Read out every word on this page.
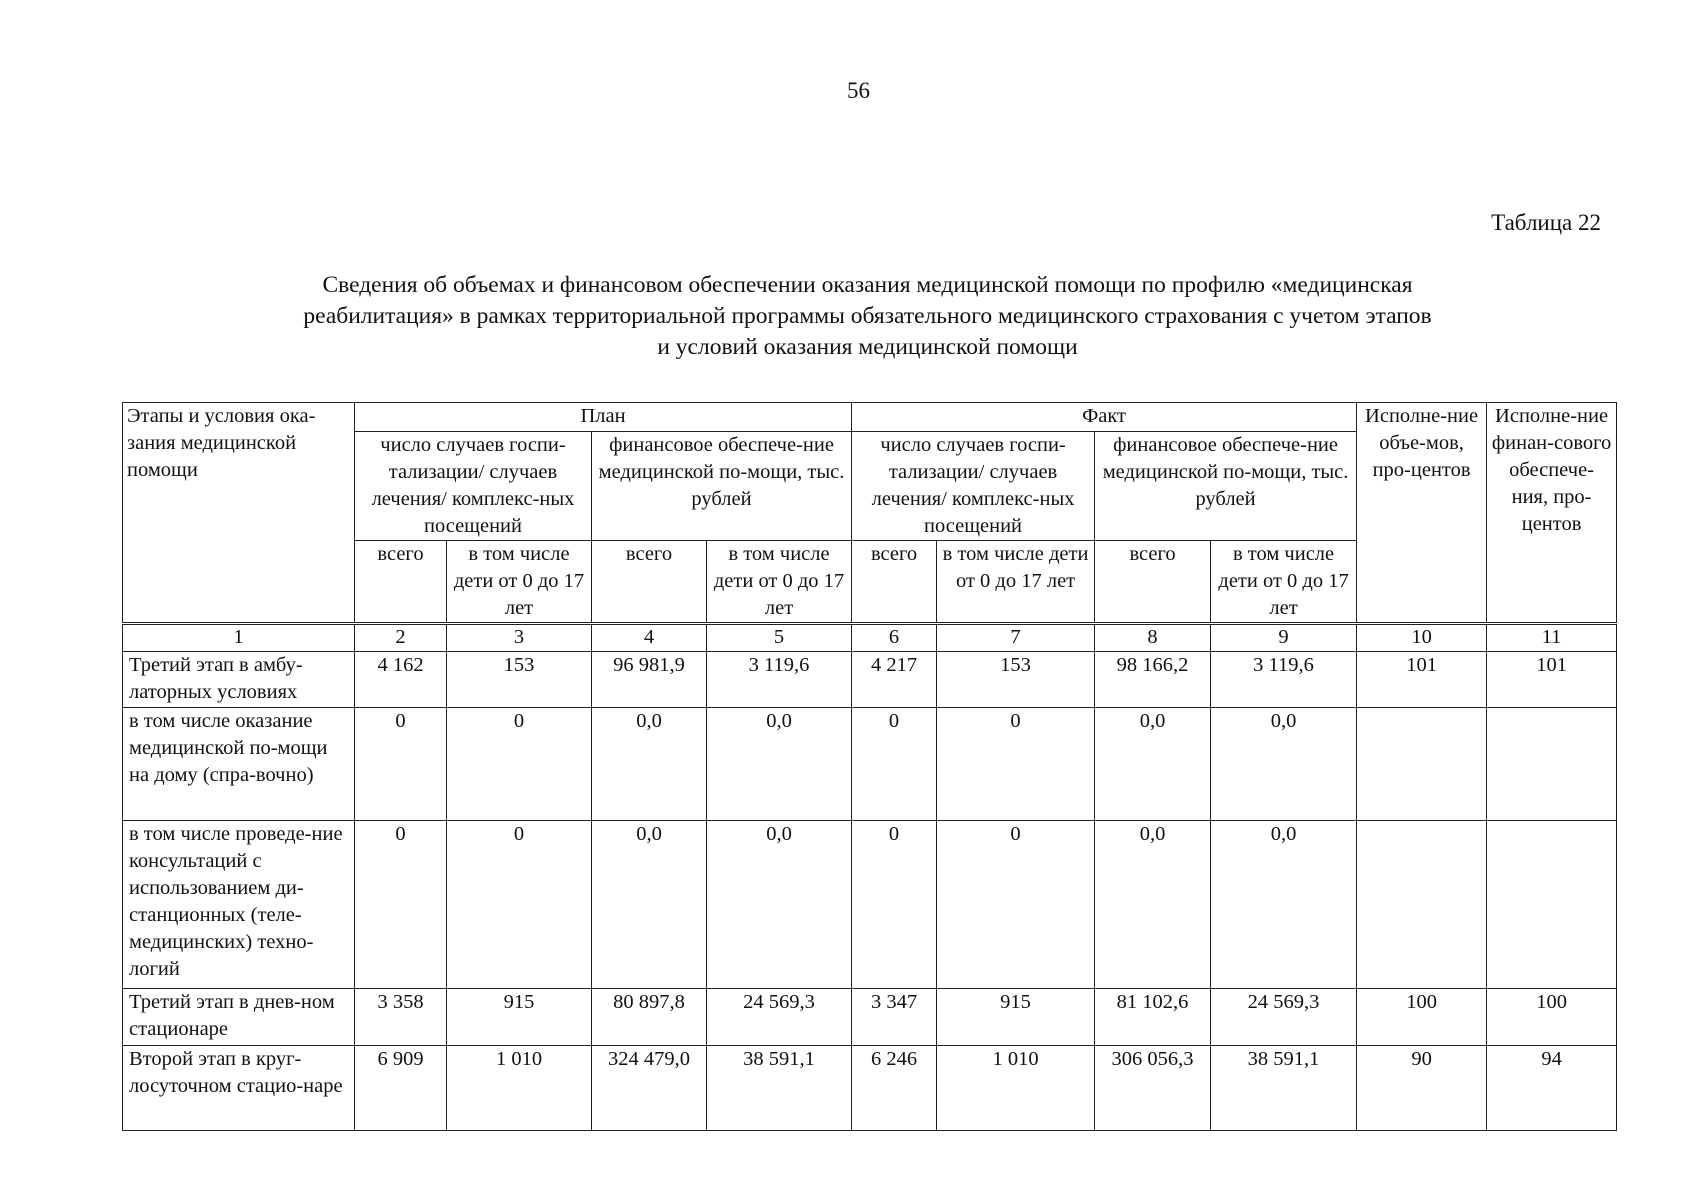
56
Таблица 22
Сведения об объемах и финансовом обеспечении оказания медицинской помощи по профилю «медицинская
реабилитация» в рамках территориальной программы обязательного медицинского страхования с учетом этапов
и условий оказания медицинской помощи
Этапы и условия ока-зания медицинской помощи	План				Факт				Исполне-ние объе-мов, про-центов	Исполне-ние финан-сового обеспече-ния, про-центов
	число случаев госпи-тализации/ случаев лечения/ комплекс-ных посещений		финансовое обеспече-ние медицинской по-мощи, тыс. рублей		число случаев госпи-тализации/ случаев лечения/ комплекс-ных посещений		финансовое обеспече-ние медицинской по-мощи, тыс. рублей			
	всего	в том числе дети от 0 до 17 лет	всего	в том числе дети от 0 до 17 лет	всего	в том числе дети от 0 до 17 лет	всего	в том числе дети от 0 до 17 лет		
1	2	3	4	5	6	7	8	9	10	11
Третий этап в амбу-латорных условиях	4 162	153	96 981,9	3 119,6	4 217	153	98 166,2	3 119,6	101	101
в том числе оказание медицинской по-мощи на дому (спра-вочно)	0	0	0,0	0,0	0	0	0,0	0,0		
в том числе проведе-ние консультаций с использованием ди-станционных (теле-медицинских) техно-логий	0	0	0,0	0,0	0	0	0,0	0,0		
Третий этап в днев-ном стационаре	3 358	915	80 897,8	24 569,3	3 347	915	81 102,6	24 569,3	100	100
Второй этап в круг-лосуточном стацио-наре	6 909	1 010	324 479,0	38 591,1	6 246	1 010	306 056,3	38 591,1	90	94
